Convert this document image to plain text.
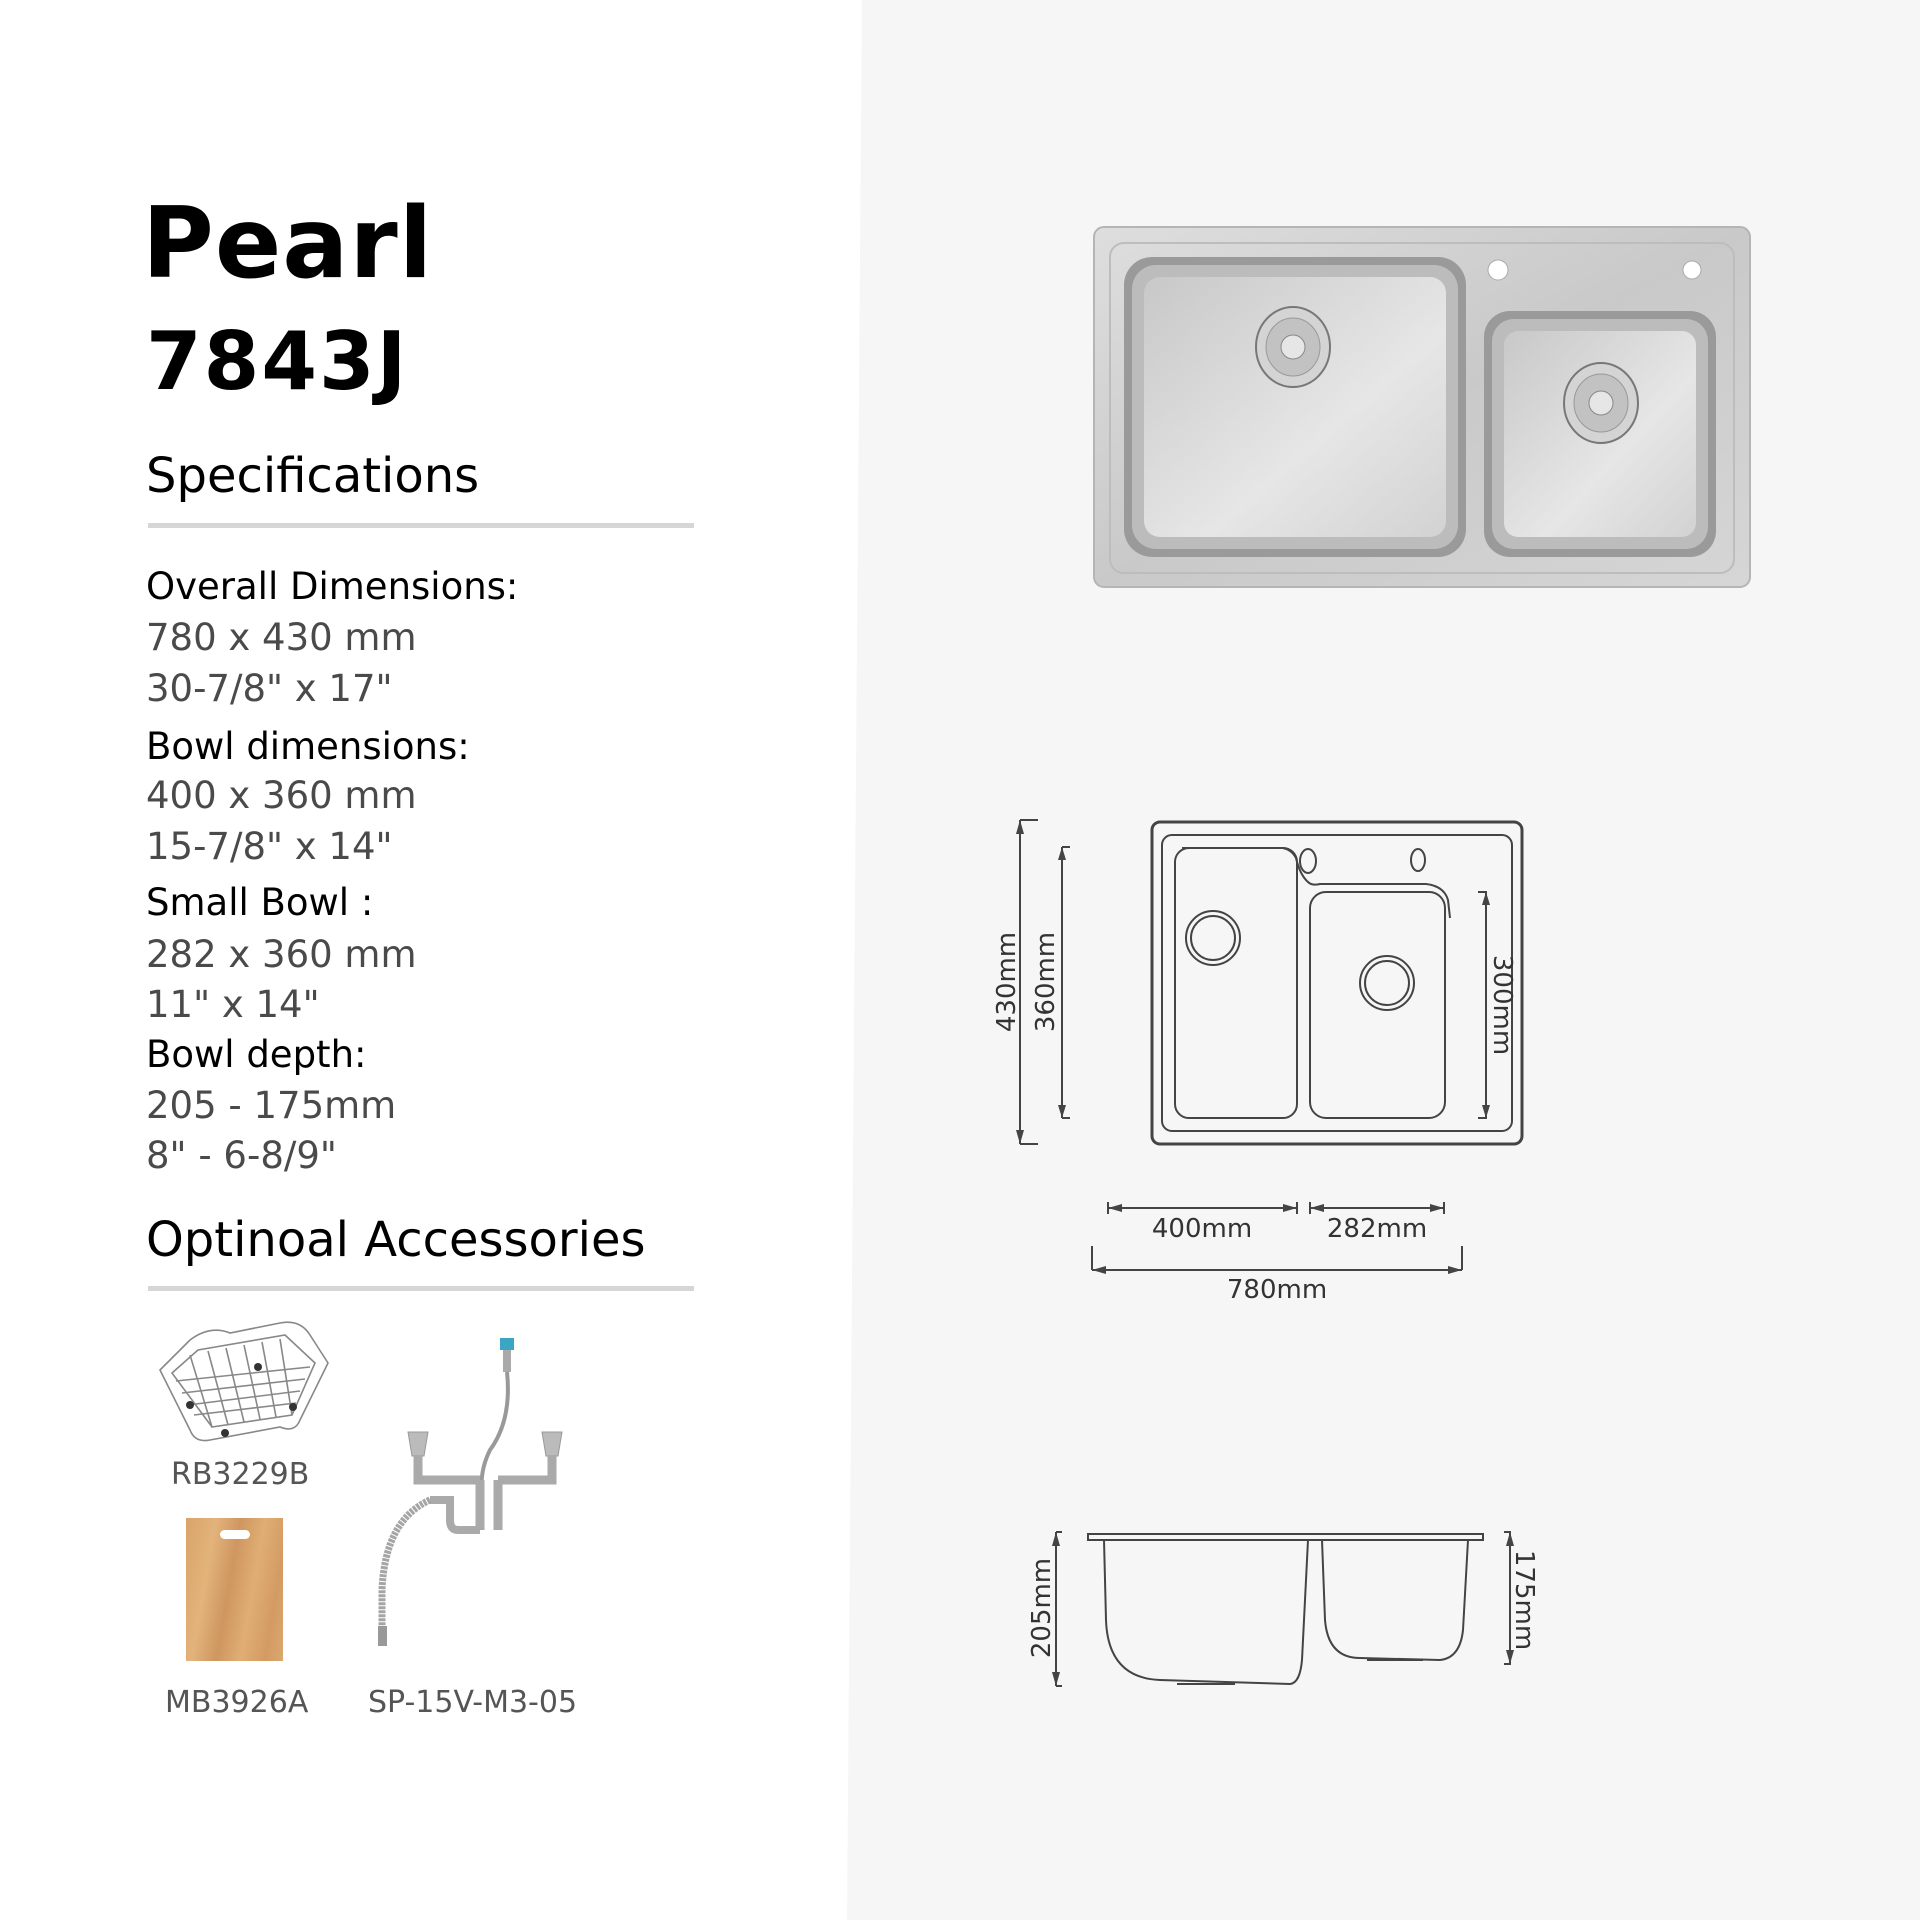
Pearl
7843J
Specifications
Overall Dimensions:
780 x 430 mm
30-7/8" x 17"
Bowl dimensions:
400 x 360 mm
15-7/8" x 14"
Small Bowl :
282 x 360 mm
11" x 14"
Bowl depth:
205 - 175mm
8" - 6-8/9"
Optinoal Accessories
RB3229B
MB3926A SP-15V-M3-05
430mm 360mm	300mm
400mm	282mm
780mm
205mm	175mm
